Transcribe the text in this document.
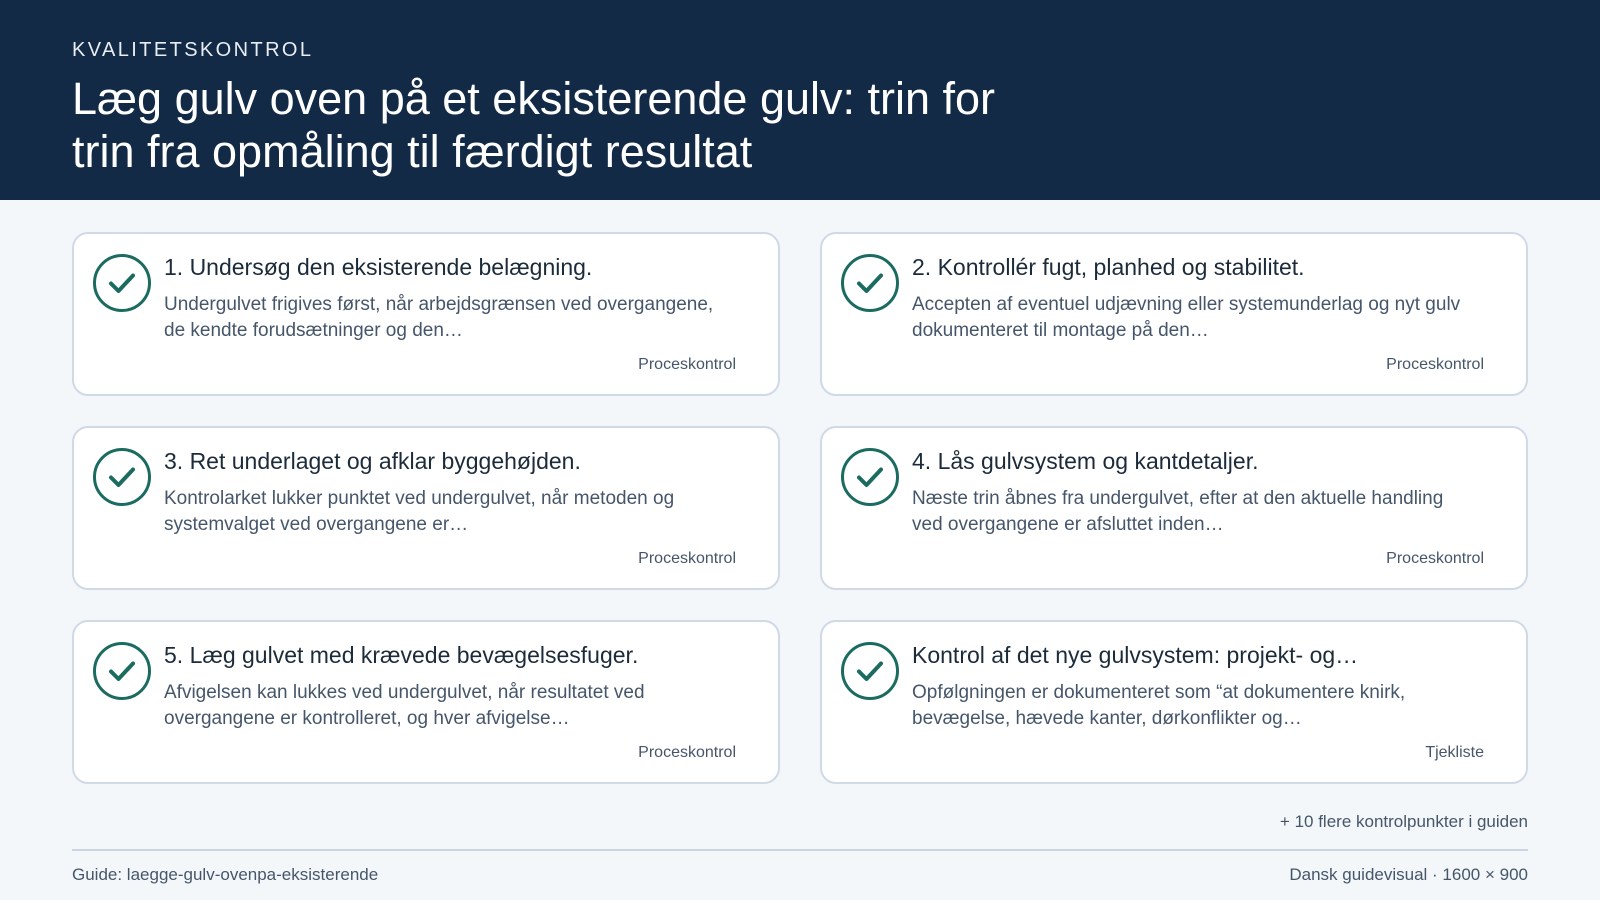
KVALITETSKONTROL
Læg gulv oven på et eksisterende gulv: trin for trin fra opmåling til færdigt resultat
1. Undersøg den eksisterende belægning.
Undergulvet frigives først, når arbejdsgrænsen ved overgangene, de kendte forudsætninger og den…
Proceskontrol
2. Kontrollér fugt, planhed og stabilitet.
Accepten af eventuel udjævning eller systemunderlag og nyt gulv dokumenteret til montage på den…
Proceskontrol
3. Ret underlaget og afklar byggehøjden.
Kontrolarket lukker punktet ved undergulvet, når metoden og systemvalget ved overgangene er…
Proceskontrol
4. Lås gulvsystem og kantdetaljer.
Næste trin åbnes fra undergulvet, efter at den aktuelle handling ved overgangene er afsluttet inden…
Proceskontrol
5. Læg gulvet med krævede bevægelsesfuger.
Afvigelsen kan lukkes ved undergulvet, når resultatet ved overgangene er kontrolleret, og hver afvigelse…
Proceskontrol
Kontrol af det nye gulvsystem: projekt- og…
Opfølgningen er dokumenteret som “at dokumentere knirk, bevægelse, hævede kanter, dørkonflikter og…
Tjekliste
+ 10 flere kontrolpunkter i guiden
Guide: laegge-gulv-ovenpa-eksisterende	Dansk guidevisual · 1600 × 900
